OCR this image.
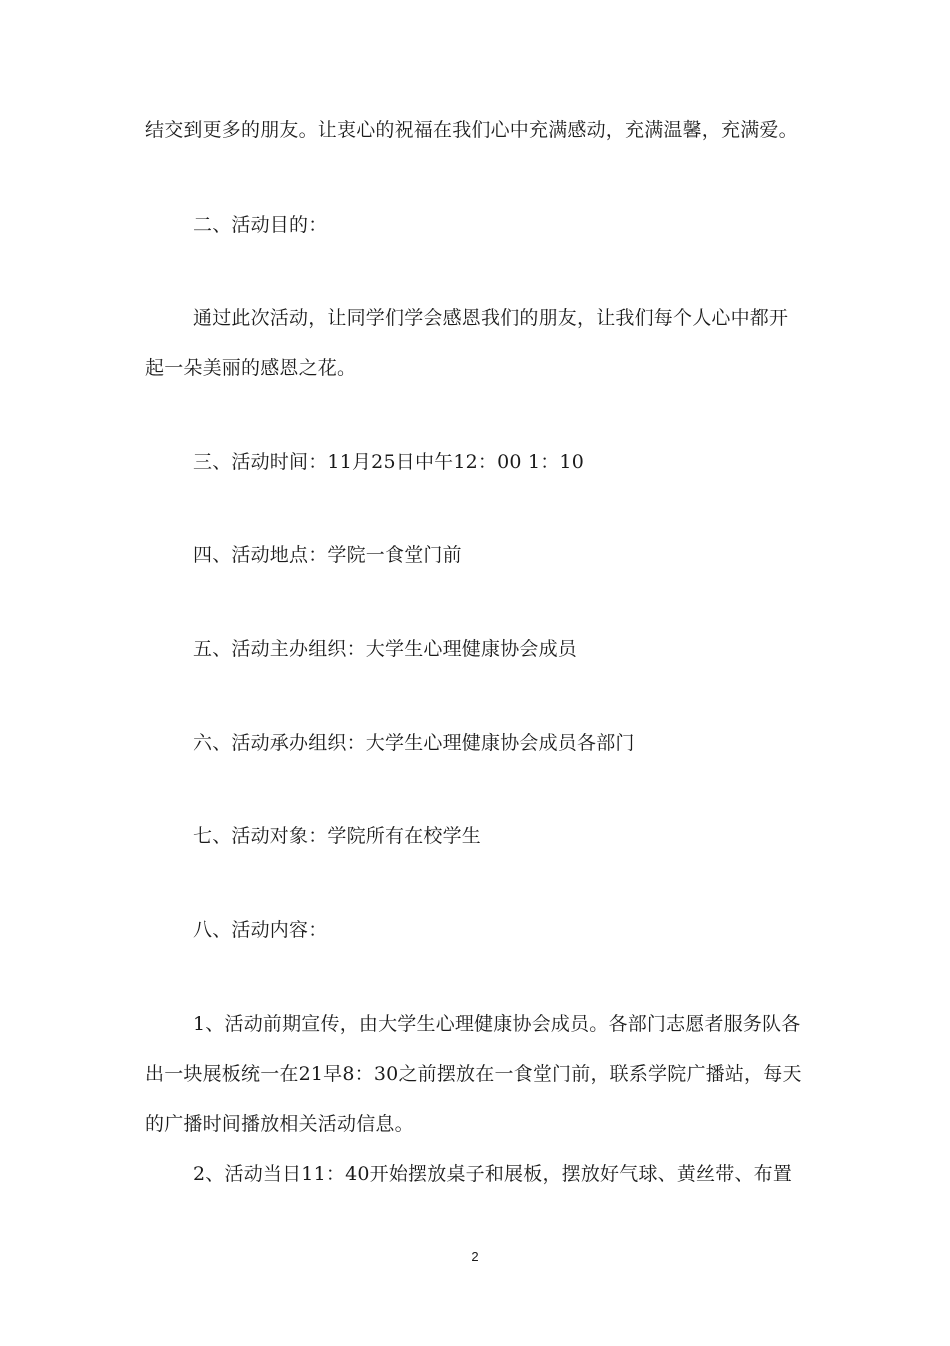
结交到更多的朋友。让衷心的祝福在我们心中充满感动，充满温馨，充满爱。
二、活动目的：
通过此次活动，让同学们学会感恩我们的朋友，让我们每个人心中都开
起一朵美丽的感恩之花。
三、活动时间：11月25日中午12：00 1：10
四、活动地点：学院一食堂门前
五、活动主办组织：大学生心理健康协会成员
六、活动承办组织：大学生心理健康协会成员各部门
七、活动对象：学院所有在校学生
八、活动内容：
1、活动前期宣传，由大学生心理健康协会成员。各部门志愿者服务队各
出一块展板统一在21早8：30之前摆放在一食堂门前，联系学院广播站，每天
的广播时间播放相关活动信息。
2、活动当日11：40开始摆放桌子和展板，摆放好气球、黄丝带、布置
2
